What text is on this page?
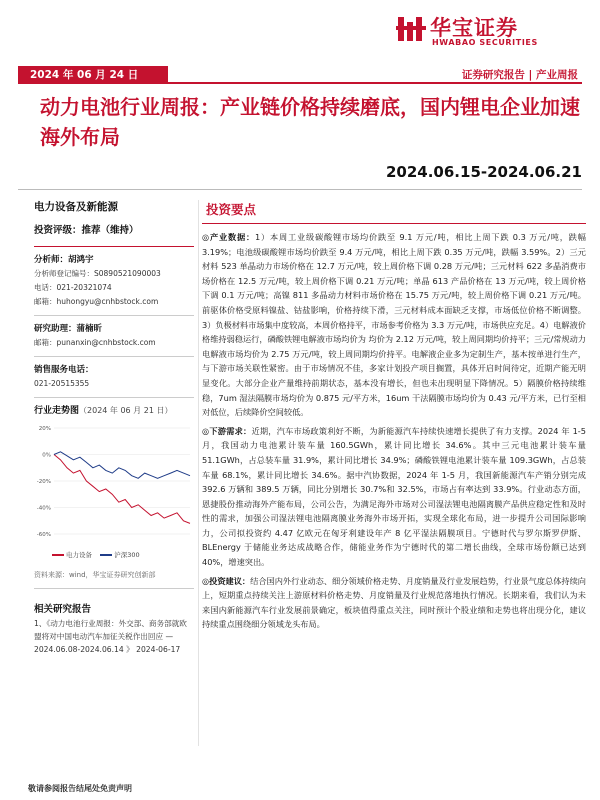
华宝证券
HWABAO SECURITIES
2024 年 06 月 24 日	证券研究报告 | 产业周报
动力电池行业周报：产业链价格持续磨底，国内锂电企业加速海外布局
2024.06.15-2024.06.21
电力设备及新能源
投资评级：推荐（维持）
分析师：胡鸿宇
分析师登记编号：S0890521090003
电话：021-20321074
邮箱：huhongyu@cnhbstock.com
研究助理：蒲楠昕
邮箱：punanxin@cnhbstock.com
销售服务电话：
021-20515355
行业走势图（2024 年 06 月 21 日）
-60%
-40%
-20%
0%
20%
电力设备	沪深300
资料来源：wind，华宝证券研究创新部
相关研究报告
1、《动力电池行业周报：外交部、商务部就欧盟将对中国电动汽车加征关税作出回应 — 2024.06.08-2024.06.14 》 2024-06-17
投资要点

◎产业数据：1）本周工业级碳酸锂市场均价跌至 9.1 万元/吨，相比上周下跌 0.3 万元/吨，跌幅 3.19%；电池级碳酸锂市场均价跌至 9.4 万元/吨，相比上周下跌 0.35 万元/吨，跌幅 3.59%。2）三元材料 523 单晶动力市场价格在 12.7 万元/吨，较上周价格下调 0.28 万元/吨；三元材料 622 多晶消费市场价格在 12.5 万元/吨，较上周价格下调 0.21 万元/吨；单晶 613 产品价格在 13 万元/吨，较上周价格下调 0.1 万元/吨；高镍 811 多晶动力材料市场价格在 15.75 万元/吨，较上周价格下调 0.21 万元/吨。前驱体价格受原料镍盐、钴盐影响，价格持续下滑，三元材料成本面缺乏支撑，市场低位价格不断调整。3）负极材料市场集中度较高，本周价格持平，市场参考价格为 3.3 万元/吨，市场供应充足。4）电解液价格维持弱稳运行，磷酸铁锂电解液市场均价为 均价为 2.12 万元/吨，较上周同期均价持平；三元/常规动力电解液市场均价为 2.75 万元/吨，较上周同期均价持平。电解液企业多为定制生产，基本按单进行生产，与下游市场关联性紧密。由于市场情况不佳，多家计划投产项目搁置，具体开启时间待定，近期产能无明显变化。大部分企业产量维持前期状态，基本没有增长，但也未出现明显下降情况。5）隔膜价格持续维稳，7um 湿法隔膜市场均价为 0.875 元/平方米，16um 干法隔膜市场均价为 0.43 元/平方米，已行至相对低位，后续降价空间较低。

◎下游需求：近期，汽车市场政策利好不断，为新能源汽车持续快速增长提供了有力支撑。2024 年 1-5 月，我国动力电池累计装车量 160.5GWh，累计同比增长 34.6%。其中三元电池累计装车量 51.1GWh，占总装车量 31.9%，累计同比增长 34.9%；磷酸铁锂电池累计装车量 109.3GWh，占总装车量 68.1%，累计同比增长 34.6%。据中汽协数据，2024 年 1-5 月，我国新能源汽车产销分别完成 392.6 万辆和 389.5 万辆，同比分别增长 30.7%和 32.5%，市场占有率达到 33.9%。行业动态方面，恩捷股份推动海外产能布局，公司公告，为满足海外市场对公司湿法锂电池隔离膜产品供应稳定性和及时性的需求，加强公司湿法锂电池隔离膜业务海外市场开拓，实现全球化布局，进一步提升公司国际影响力，公司拟投资约 4.47 亿欧元在匈牙利建设年产 8 亿平湿法隔膜项目。宁德时代与罗尔斯罗伊斯、BLEnergy 于储能业务达成战略合作，储能业务作为宁德时代的第二增长曲线，全球市场份额已达到 40%，增速突出。

◎投资建议：结合国内外行业动态、细分领域价格走势、月度销量及行业发展趋势，行业景气度总体持续向上，短期重点持续关注上游原材料价格走势、月度销量及行业规范落地执行情况。长期来看，我们认为未来国内新能源汽车行业发展前景确定，板块值得重点关注，同时预计个股业绩和走势也将出现分化，建议持续重点围绕细分领域龙头布局。

敬请参阅报告结尾处免责声明
